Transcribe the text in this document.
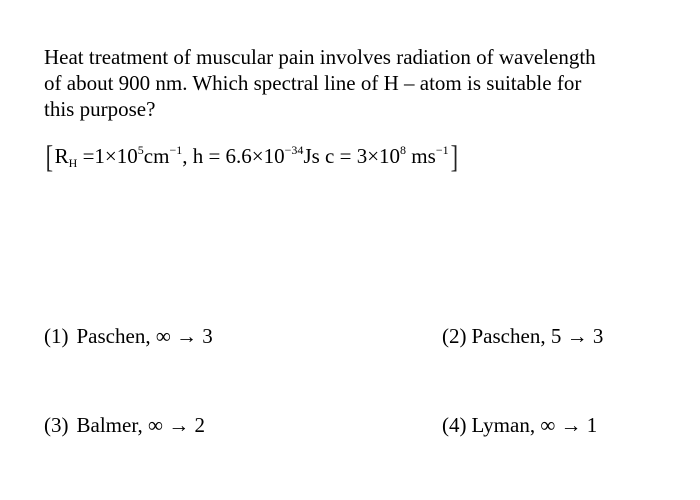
Heat treatment of muscular pain involves radiation of wavelength
of about 900 nm. Which spectral line of H – atom is suitable for
this purpose?
[$R_H =1\times 10^5cm^{-1}$, $h = 6.6\times 10^{-34}Js$ $c = 3\times 10^8$ $ms^{-1}$]
(1) Paschen, ∞ → 3	(2) Paschen, 5 → 3
(3) Balmer, ∞ → 2	(4) Lyman, ∞ → 1
